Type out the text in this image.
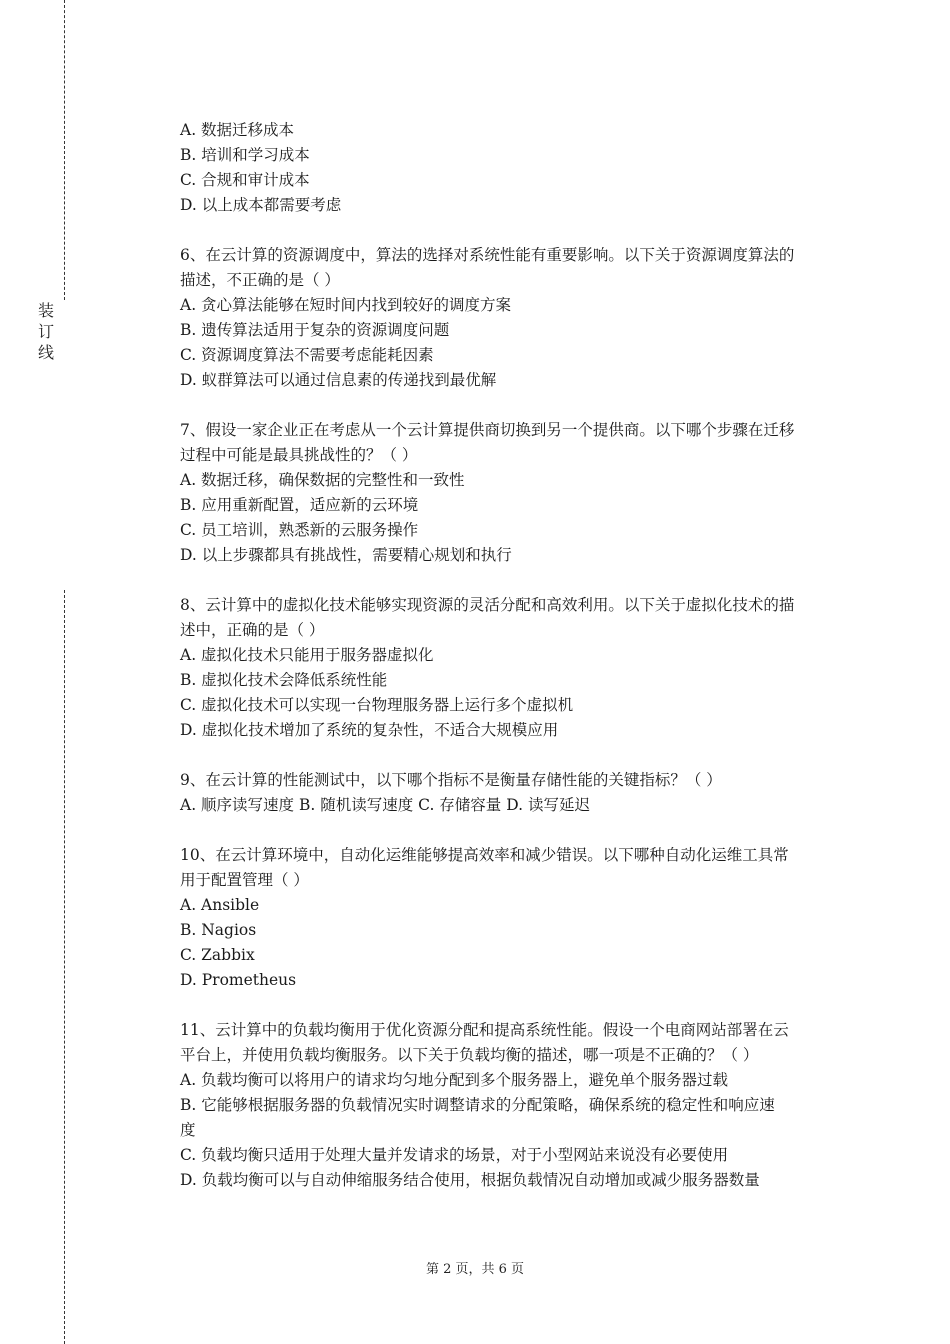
装
订
线
A. 数据迁移成本
B. 培训和学习成本
C. 合规和审计成本
D. 以上成本都需要考虑
6、在云计算的资源调度中，算法的选择对系统性能有重要影响。以下关于资源调度算法的
描述，不正确的是（ ）
A. 贪心算法能够在短时间内找到较好的调度方案
B. 遗传算法适用于复杂的资源调度问题
C. 资源调度算法不需要考虑能耗因素
D. 蚁群算法可以通过信息素的传递找到最优解
7、假设一家企业正在考虑从一个云计算提供商切换到另一个提供商。以下哪个步骤在迁移
过程中可能是最具挑战性的？（ ）
A. 数据迁移，确保数据的完整性和一致性
B. 应用重新配置，适应新的云环境
C. 员工培训，熟悉新的云服务操作
D. 以上步骤都具有挑战性，需要精心规划和执行
8、云计算中的虚拟化技术能够实现资源的灵活分配和高效利用。以下关于虚拟化技术的描
述中，正确的是（ ）
A. 虚拟化技术只能用于服务器虚拟化
B. 虚拟化技术会降低系统性能
C. 虚拟化技术可以实现一台物理服务器上运行多个虚拟机
D. 虚拟化技术增加了系统的复杂性，不适合大规模应用
9、在云计算的性能测试中，以下哪个指标不是衡量存储性能的关键指标？（ ）
A. 顺序读写速度 B. 随机读写速度 C. 存储容量 D. 读写延迟
10、在云计算环境中，自动化运维能够提高效率和减少错误。以下哪种自动化运维工具常
用于配置管理（ ）
A. Ansible
B. Nagios
C. Zabbix
D. Prometheus
11、云计算中的负载均衡用于优化资源分配和提高系统性能。假设一个电商网站部署在云
平台上，并使用负载均衡服务。以下关于负载均衡的描述，哪一项是不正确的？（ ）
A. 负载均衡可以将用户的请求均匀地分配到多个服务器上，避免单个服务器过载
B. 它能够根据服务器的负载情况实时调整请求的分配策略，确保系统的稳定性和响应速
度
C. 负载均衡只适用于处理大量并发请求的场景，对于小型网站来说没有必要使用
D. 负载均衡可以与自动伸缩服务结合使用，根据负载情况自动增加或减少服务器数量
第 2 页，共 6 页
